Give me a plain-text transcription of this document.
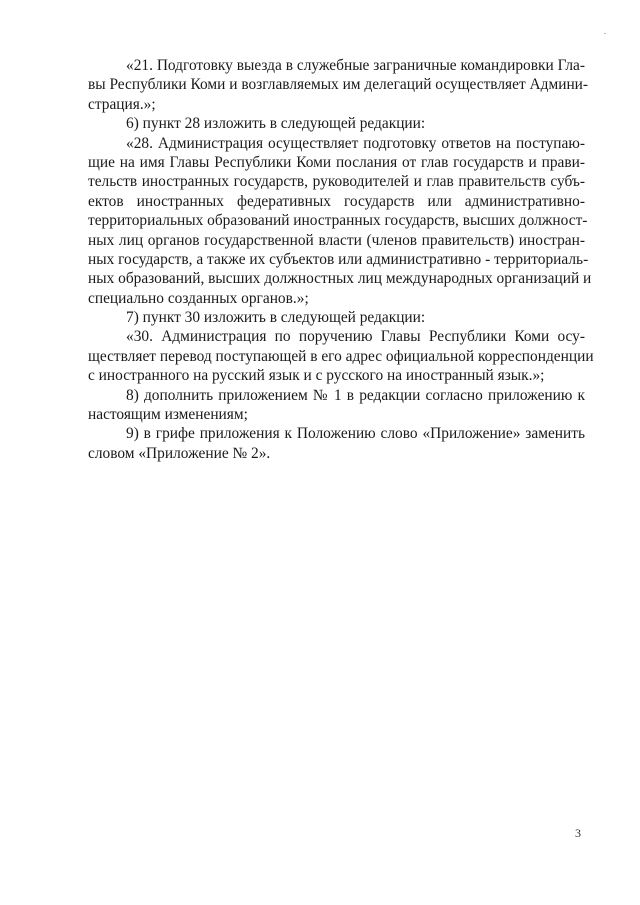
«21. Подготовку выезда в служебные заграничные командировки Гла-
вы Республики Коми и возглавляемых им делегаций осуществляет Админи-
страция.»;
6) пункт 28 изложить в следующей редакции:
«28. Администрация осуществляет подготовку ответов на поступаю-
щие на имя Главы Республики Коми послания от глав государств и прави-
тельств иностранных государств, руководителей и глав правительств субъ-
ектов иностранных федеративных государств или административно-
территориальных образований иностранных государств, высших должност-
ных лиц органов государственной власти (членов правительств) иностран-
ных государств, а также их субъектов или административно - территориаль-
ных образований, высших должностных лиц международных организаций и
специально созданных органов.»;
7) пункт 30 изложить в следующей редакции:
«30. Администрация по поручению Главы Республики Коми осу-
ществляет перевод поступающей в его адрес официальной корреспонденции
с иностранного на русский язык и с русского на иностранный язык.»;
8) дополнить приложением № 1 в редакции согласно приложению к
настоящим изменениям;
9) в грифе приложения к Положению слово «Приложение» заменить
словом «Приложение № 2».
3
